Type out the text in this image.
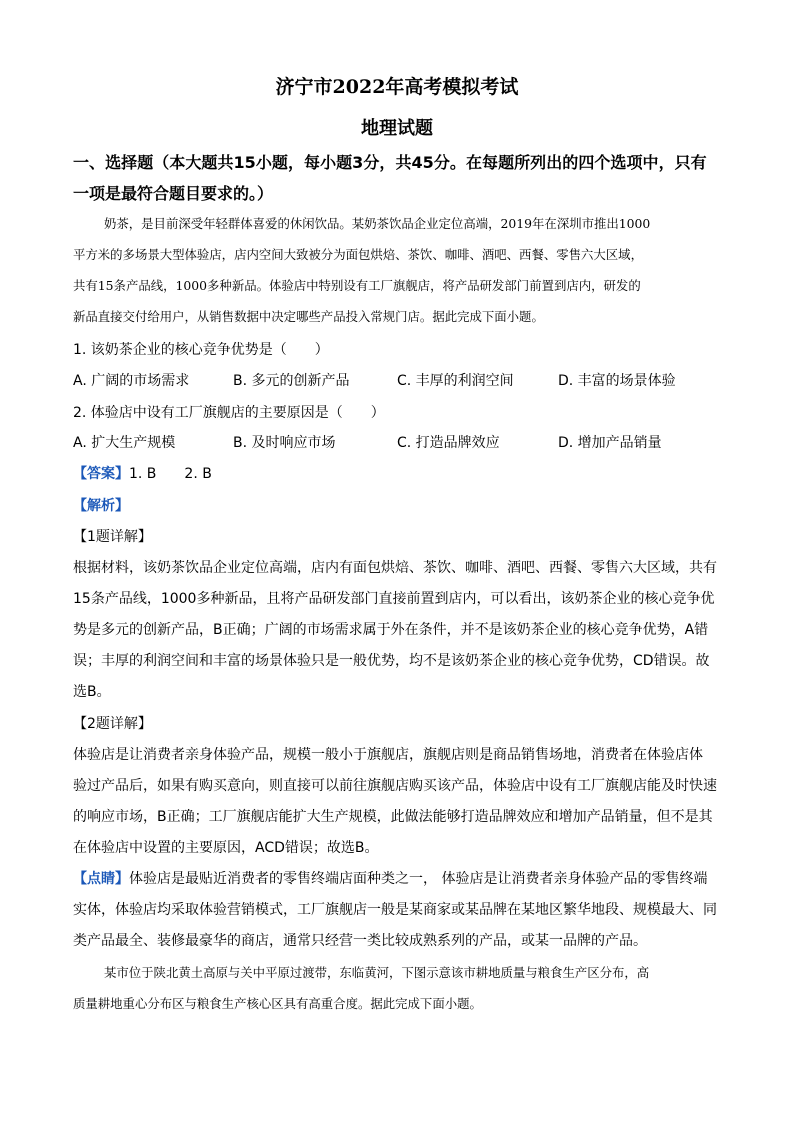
济宁市2022年高考模拟考试
地理试题
一、选择题（本大题共15小题，每小题3分，共45分。在每题所列出的四个选项中，只有
一项是最符合题目要求的。）
奶茶，是目前深受年轻群体喜爱的休闲饮品。某奶茶饮品企业定位高端，2019年在深圳市推出1000
平方米的多场景大型体验店，店内空间大致被分为面包烘焙、茶饮、咖啡、酒吧、西餐、零售六大区域，
共有15条产品线，1000多种新品。体验店中特别设有工厂旗舰店，将产品研发部门前置到店内，研发的
新品直接交付给用户，从销售数据中决定哪些产品投入常规门店。据此完成下面小题。
1. 该奶茶企业的核心竞争优势是（　　）
A. 广阔的市场需求	B. 多元的创新产品	C. 丰厚的利润空间	D. 丰富的场景体验
2. 体验店中设有工厂旗舰店的主要原因是（　　）
A. 扩大生产规模	B. 及时响应市场	C. 打造品牌效应	D. 增加产品销量
【答案】1. B　　2. B
【解析】
【1题详解】
根据材料，该奶茶饮品企业定位高端，店内有面包烘焙、茶饮、咖啡、酒吧、西餐、零售六大区域，共有
15条产品线，1000多种新品，且将产品研发部门直接前置到店内，可以看出，该奶茶企业的核心竞争优
势是多元的创新产品，B正确；广阔的市场需求属于外在条件，并不是该奶茶企业的核心竞争优势，A错
误；丰厚的利润空间和丰富的场景体验只是一般优势，均不是该奶茶企业的核心竞争优势，CD错误。故
选B。
【2题详解】
体验店是让消费者亲身体验产品，规模一般小于旗舰店，旗舰店则是商品销售场地，消费者在体验店体
验过产品后，如果有购买意向，则直接可以前往旗舰店购买该产品，体验店中设有工厂旗舰店能及时快速
的响应市场，B正确；工厂旗舰店能扩大生产规模，此做法能够打造品牌效应和增加产品销量，但不是其
在体验店中设置的主要原因，ACD错误；故选B。
【点睛】体验店是最贴近消费者的零售终端店面种类之一， 体验店是让消费者亲身体验产品的零售终端
实体，体验店均采取体验营销模式，工厂旗舰店一般是某商家或某品牌在某地区繁华地段、规模最大、同
类产品最全、装修最豪华的商店，通常只经营一类比较成熟系列的产品，或某一品牌的产品。
某市位于陕北黄土高原与关中平原过渡带，东临黄河，下图示意该市耕地质量与粮食生产区分布，高
质量耕地重心分布区与粮食生产核心区具有高重合度。据此完成下面小题。
